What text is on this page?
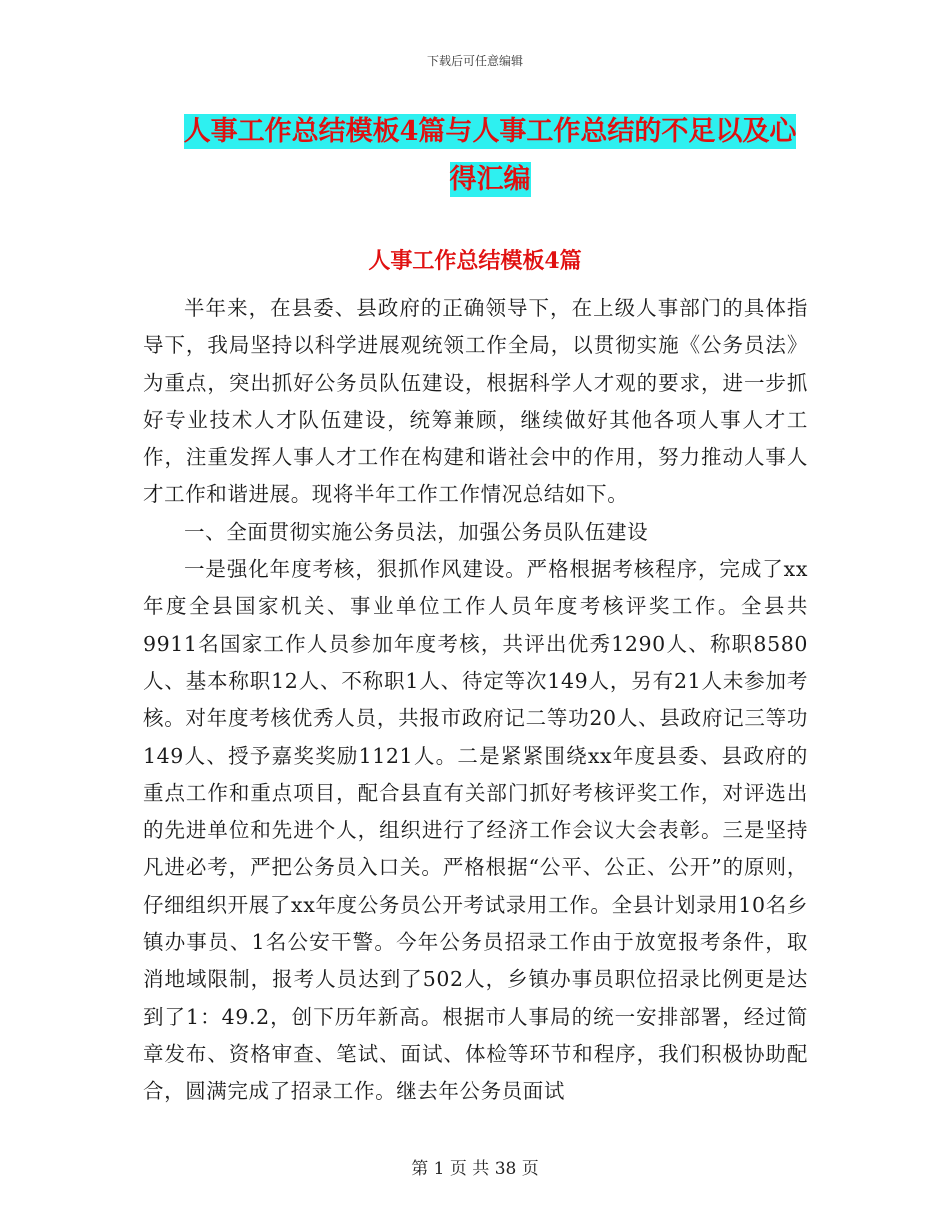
下载后可任意编辑
人事工作总结模板4篇与人事工作总结的不足以及心
得汇编
人事工作总结模板4篇

半年来，在县委、县政府的正确领导下，在上级人事部门的具体指导下，我局坚持以科学进展观统领工作全局，以贯彻实施《公务员法》为重点，突出抓好公务员队伍建设，根据科学人才观的要求，进一步抓好专业技术人才队伍建设，统筹兼顾，继续做好其他各项人事人才工作，注重发挥人事人才工作在构建和谐社会中的作用，努力推动人事人才工作和谐进展。现将半年工作工作情况总结如下。

一、全面贯彻实施公务员法，加强公务员队伍建设

一是强化年度考核，狠抓作风建设。严格根据考核程序，完成了xx年度全县国家机关、事业单位工作人员年度考核评奖工作。全县共9911名国家工作人员参加年度考核，共评出优秀1290人、称职8580人、基本称职12人、不称职1人、待定等次149人，另有21人未参加考核。对年度考核优秀人员，共报市政府记二等功20人、县政府记三等功149人、授予嘉奖奖励1121人。二是紧紧围绕xx年度县委、县政府的重点工作和重点项目，配合县直有关部门抓好考核评奖工作，对评选出的先进单位和先进个人，组织进行了经济工作会议大会表彰。三是坚持凡进必考，严把公务员入口关。严格根据“公平、公正、公开”的原则，仔细组织开展了xx年度公务员公开考试录用工作。全县计划录用10名乡镇办事员、1名公安干警。今年公务员招录工作由于放宽报考条件，取消地域限制，报考人员达到了502人，乡镇办事员职位招录比例更是达到了1：49.2，创下历年新高。根据市人事局的统一安排部署，经过简章发布、资格审查、笔试、面试、体检等环节和程序，我们积极协助配合，圆满完成了招录工作。继去年公务员面试

第 1 页 共 38 页
